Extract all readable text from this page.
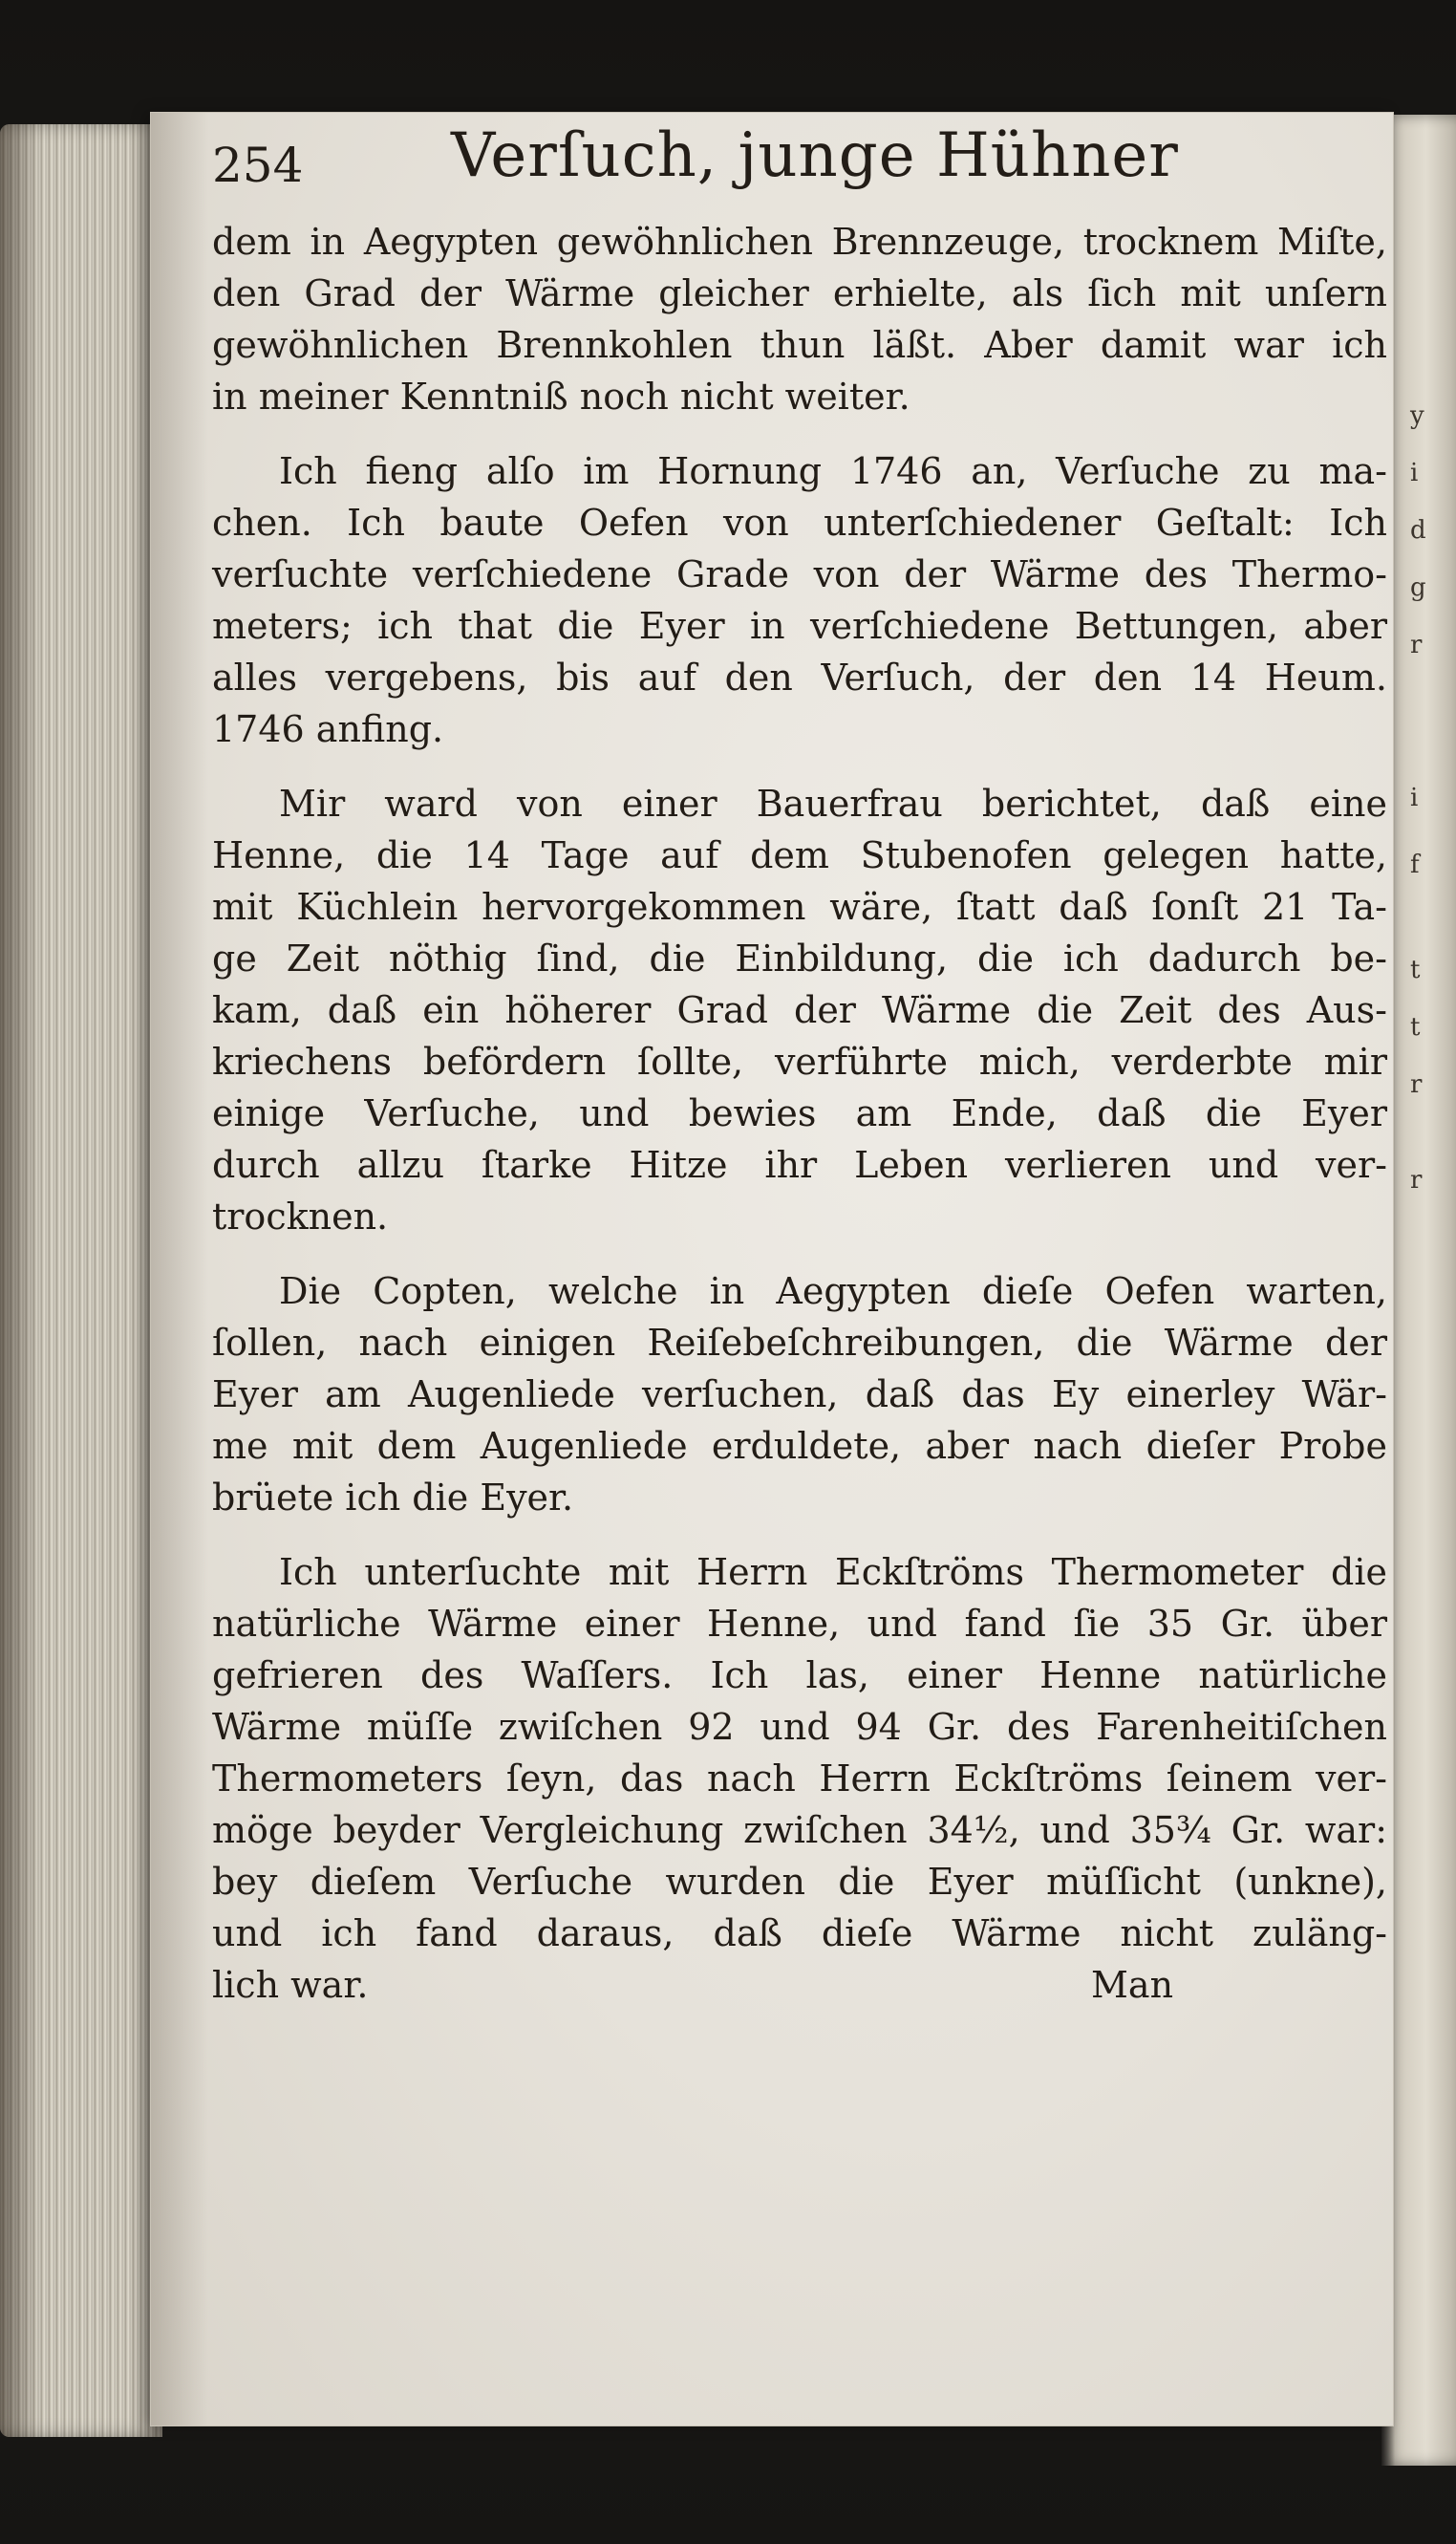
y
i
d
g
r
i
f
t
t
r
r
254 Verſuch, junge Hühner
dem in Aegypten gewöhnlichen Brennzeuge, trocknem Miſte,
den Grad der Wärme gleicher erhielte, als ſich mit unſern
gewöhnlichen Brennkohlen thun läßt. Aber damit war ich
in meiner Kenntniß noch nicht weiter.
Ich fieng alſo im Hornung 1746 an, Verſuche zu ma-
chen. Ich baute Oefen von unterſchiedener Geſtalt: Ich
verſuchte verſchiedene Grade von der Wärme des Thermo-
meters; ich that die Eyer in verſchiedene Bettungen, aber
alles vergebens, bis auf den Verſuch, der den 14 Heum.
1746 anfing.
Mir ward von einer Bauerfrau berichtet, daß eine
Henne, die 14 Tage auf dem Stubenofen gelegen hatte,
mit Küchlein hervorgekommen wäre, ſtatt daß ſonſt 21 Ta-
ge Zeit nöthig ſind, die Einbildung, die ich dadurch be-
kam, daß ein höherer Grad der Wärme die Zeit des Aus-
kriechens befördern ſollte, verführte mich, verderbte mir
einige Verſuche, und bewies am Ende, daß die Eyer
durch allzu ſtarke Hitze ihr Leben verlieren und ver-
trocknen.
Die Copten, welche in Aegypten dieſe Oefen warten,
ſollen, nach einigen Reiſebeſchreibungen, die Wärme der
Eyer am Augenliede verſuchen, daß das Ey einerley Wär-
me mit dem Augenliede erduldete, aber nach dieſer Probe
brüete ich die Eyer.
Ich unterſuchte mit Herrn Eckſtröms Thermometer die
natürliche Wärme einer Henne, und fand ſie 35 Gr. über
gefrieren des Waſſers. Ich las, einer Henne natürliche
Wärme müſſe zwiſchen 92 und 94 Gr. des Farenheitiſchen
Thermometers ſeyn, das nach Herrn Eckſtröms ſeinem ver-
möge beyder Vergleichung zwiſchen 34½, und 35¾ Gr. war:
bey dieſem Verſuche wurden die Eyer müſſicht (unkne),
und ich fand daraus, daß dieſe Wärme nicht zuläng-
lich war.	Man
